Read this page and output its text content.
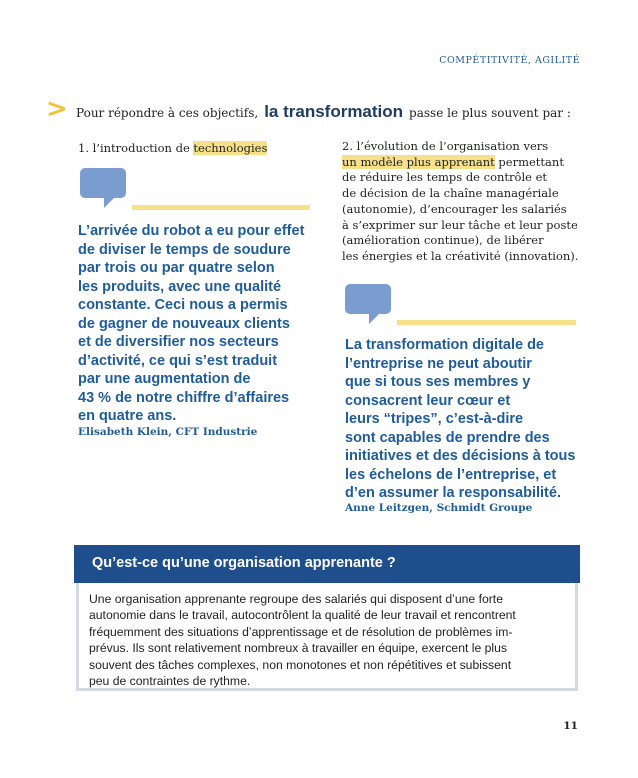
COMPÉTITIVITÉ, AGILITÉ
> Pour répondre à ces objectifs, la transformation passe le plus souvent par :
1. l’introduction de technologies
L’arrivée du robot a eu pour effet
de diviser le temps de soudure
par trois ou par quatre selon
les produits, avec une qualité
constante. Ceci nous a permis
de gagner de nouveaux clients
et de diversifier nos secteurs
d’activité, ce qui s’est traduit
par une augmentation de
43 % de notre chiffre d’affaires
en quatre ans.
Elisabeth Klein, CFT Industrie
2. l’évolution de l’organisation vers
un modèle plus apprenant permettant
de réduire les temps de contrôle et
de décision de la chaîne managériale
(autonomie), d’encourager les salariés
à s’exprimer sur leur tâche et leur poste
(amélioration continue), de libérer
les énergies et la créativité (innovation).
La transformation digitale de
l’entreprise ne peut aboutir
que si tous ses membres y
consacrent leur cœur et
leurs “tripes”, c’est-à-dire
sont capables de prendre des
initiatives et des décisions à tous
les échelons de l’entreprise, et
d’en assumer la responsabilité.
Anne Leitzgen, Schmidt Groupe
Qu’est-ce qu’une organisation apprenante ?
Une organisation apprenante regroupe des salariés qui disposent d’une forte
autonomie dans le travail, autocontrôlent la qualité de leur travail et rencontrent
fréquemment des situations d’apprentissage et de résolution de problèmes im-
prévus. Ils sont relativement nombreux à travailler en équipe, exercent le plus
souvent des tâches complexes, non monotones et non répétitives et subissent
peu de contraintes de rythme.
11
